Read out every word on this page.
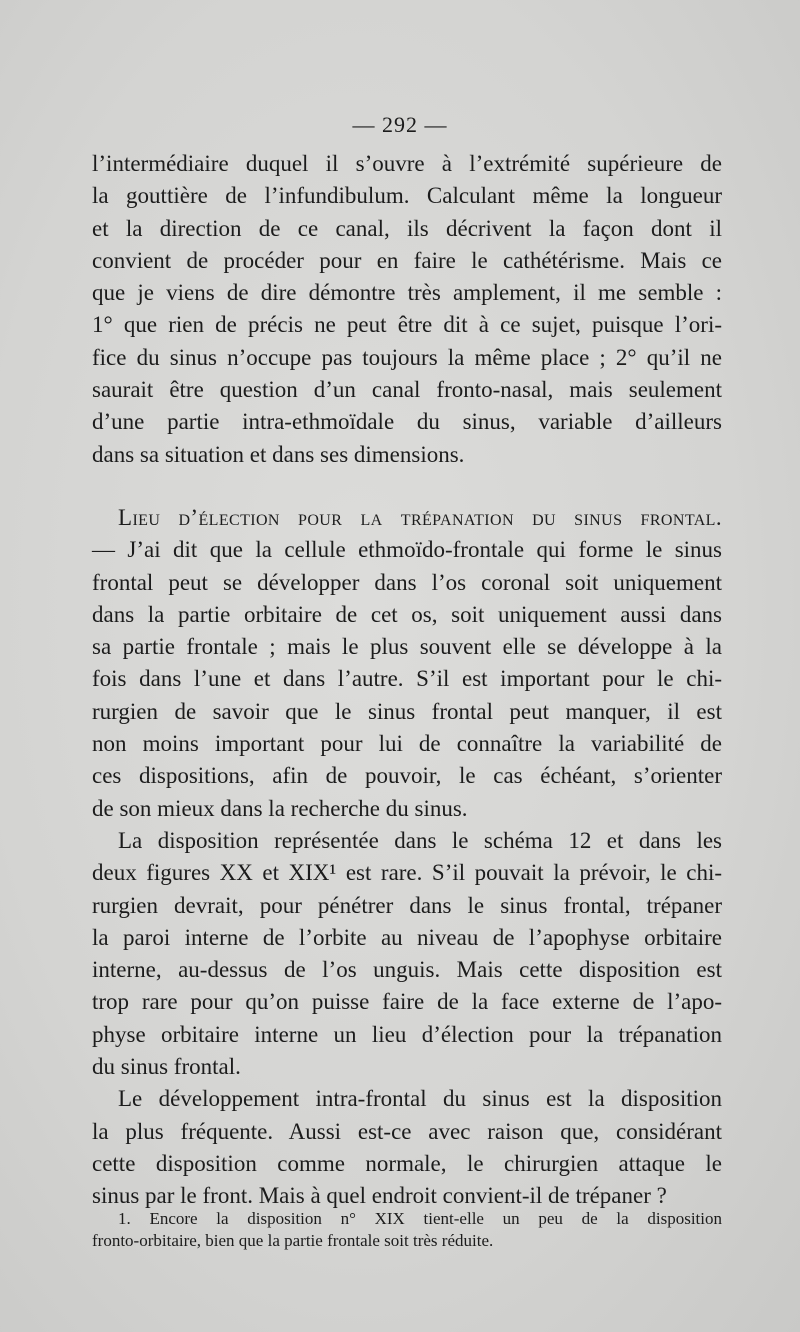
— 292 —
l’intermédiaire duquel il s’ouvre à l’extrémité supérieure de
la gouttière de l’infundibulum. Calculant même la longueur
et la direction de ce canal, ils décrivent la façon dont il
convient de procéder pour en faire le cathétérisme. Mais ce
que je viens de dire démontre très amplement, il me semble :
1° que rien de précis ne peut être dit à ce sujet, puisque l’ori-
fice du sinus n’occupe pas toujours la même place ; 2° qu’il ne
saurait être question d’un canal fronto-nasal, mais seulement
d’une partie intra-ethmoïdale du sinus, variable d’ailleurs
dans sa situation et dans ses dimensions.
Lieu d’élection pour la trépanation du sinus frontal.
— J’ai dit que la cellule ethmoïdo-frontale qui forme le sinus
frontal peut se développer dans l’os coronal soit uniquement
dans la partie orbitaire de cet os, soit uniquement aussi dans
sa partie frontale ; mais le plus souvent elle se développe à la
fois dans l’une et dans l’autre. S’il est important pour le chi-
rurgien de savoir que le sinus frontal peut manquer, il est
non moins important pour lui de connaître la variabilité de
ces dispositions, afin de pouvoir, le cas échéant, s’orienter
de son mieux dans la recherche du sinus.
La disposition représentée dans le schéma 12 et dans les
deux figures XX et XIX¹ est rare. S’il pouvait la prévoir, le chi-
rurgien devrait, pour pénétrer dans le sinus frontal, trépaner
la paroi interne de l’orbite au niveau de l’apophyse orbitaire
interne, au-dessus de l’os unguis. Mais cette disposition est
trop rare pour qu’on puisse faire de la face externe de l’apo-
physe orbitaire interne un lieu d’élection pour la trépanation
du sinus frontal.
Le développement intra-frontal du sinus est la disposition
la plus fréquente. Aussi est-ce avec raison que, considérant
cette disposition comme normale, le chirurgien attaque le
sinus par le front. Mais à quel endroit convient-il de trépaner ?
1. Encore la disposition n° XIX tient-elle un peu de la disposition
fronto-orbitaire, bien que la partie frontale soit très réduite.
